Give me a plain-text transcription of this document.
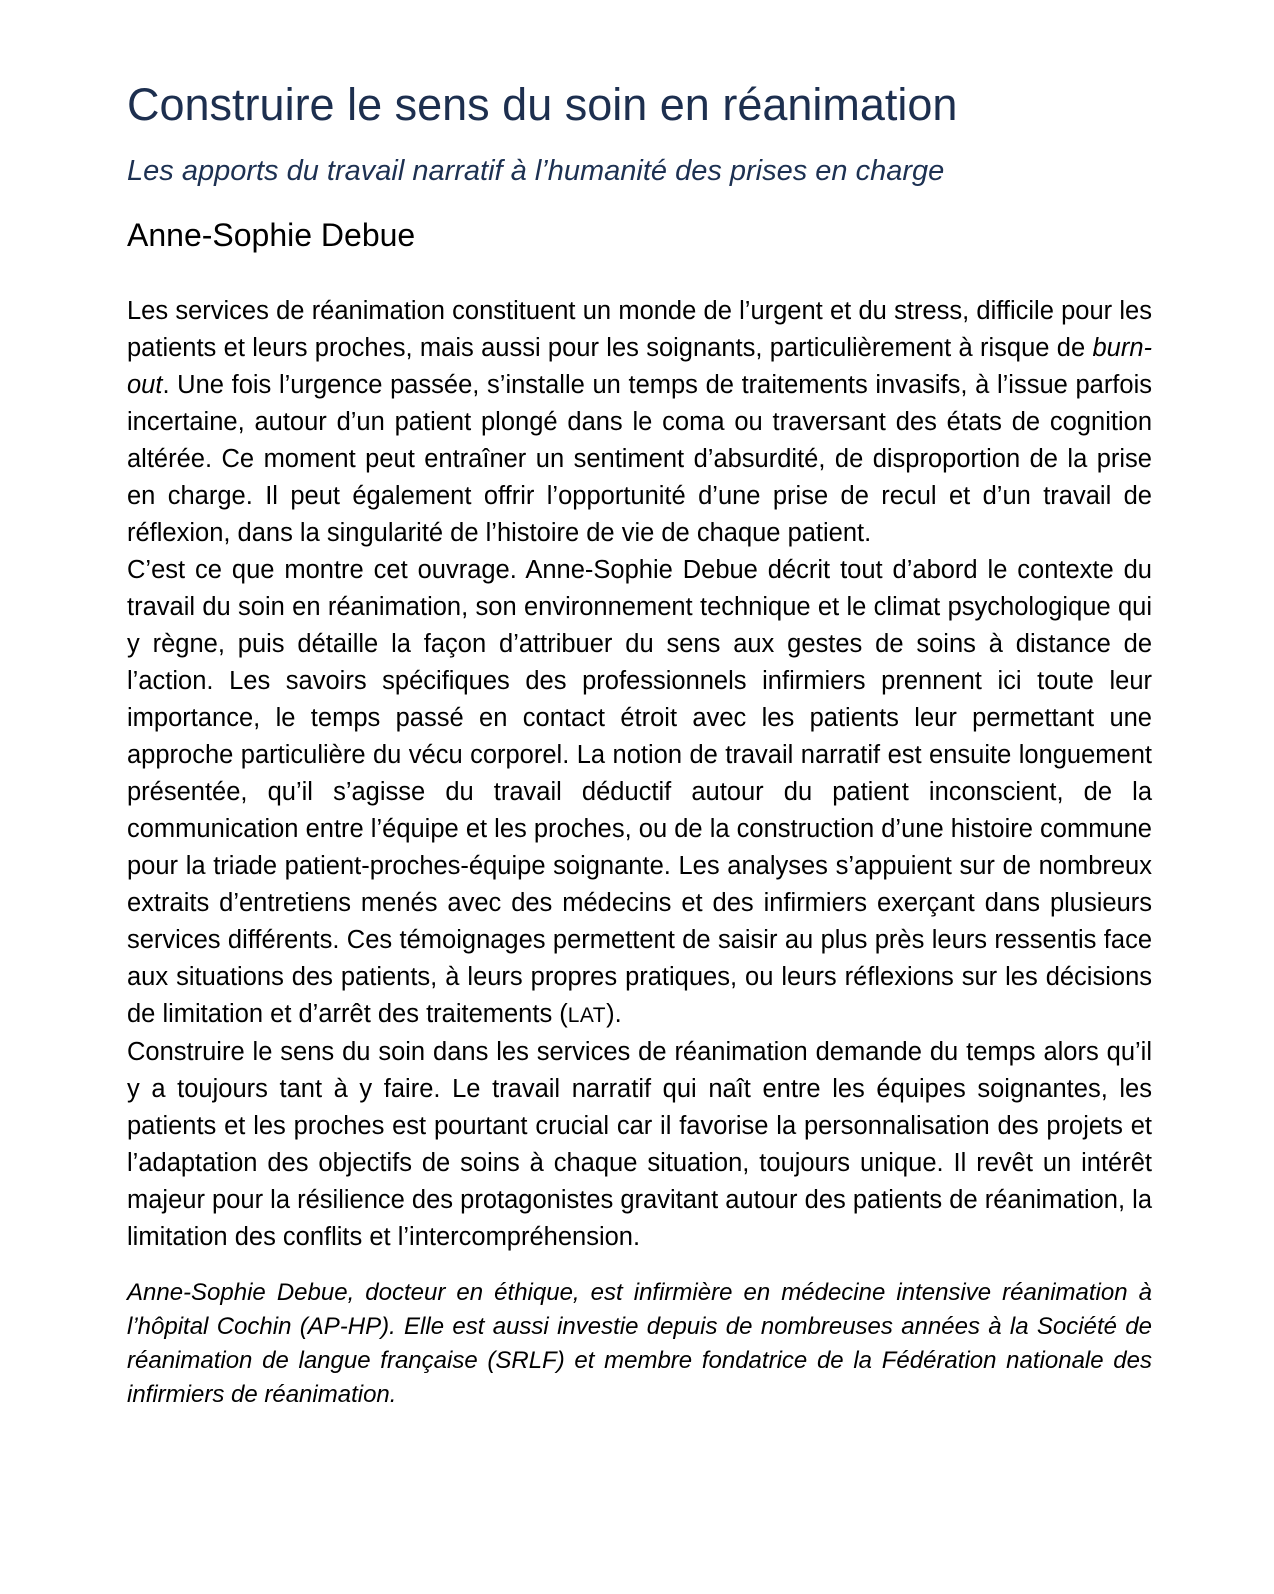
Construire le sens du soin en réanimation
Les apports du travail narratif à l’humanité des prises en charge
Anne-Sophie Debue

Les services de réanimation constituent un monde de l’urgent et du stress, difficile pour les patients et leurs proches, mais aussi pour les soignants, particulièrement à risque de burn-out. Une fois l’urgence passée, s’installe un temps de traitements invasifs, à l’issue parfois incertaine, autour d’un patient plongé dans le coma ou traversant des états de cognition altérée. Ce moment peut entraîner un sentiment d’absurdité, de disproportion de la prise en charge. Il peut également offrir l’opportunité d’une prise de recul et d’un travail de réflexion, dans la singularité de l’histoire de vie de chaque patient.

C’est ce que montre cet ouvrage. Anne-Sophie Debue décrit tout d’abord le contexte du travail du soin en réanimation, son environnement technique et le climat psychologique qui y règne, puis détaille la façon d’attribuer du sens aux gestes de soins à distance de l’action. Les savoirs spécifiques des professionnels infirmiers prennent ici toute leur importance, le temps passé en contact étroit avec les patients leur permettant une approche particulière du vécu corporel. La notion de travail narratif est ensuite longuement présentée, qu’il s’agisse du travail déductif autour du patient inconscient, de la communication entre l’équipe et les proches, ou de la construction d’une histoire commune pour la triade patient-proches-équipe soignante. Les analyses s’appuient sur de nombreux extraits d’entretiens menés avec des médecins et des infirmiers exerçant dans plusieurs services différents. Ces témoignages permettent de saisir au plus près leurs ressentis face aux situations des patients, à leurs propres pratiques, ou leurs réflexions sur les décisions de limitation et d’arrêt des traitements (LAT).

Construire le sens du soin dans les services de réanimation demande du temps alors qu’il y a toujours tant à y faire. Le travail narratif qui naît entre les équipes soignantes, les patients et les proches est pourtant crucial car il favorise la personnalisation des projets et l’adaptation des objectifs de soins à chaque situation, toujours unique. Il revêt un intérêt majeur pour la résilience des protagonistes gravitant autour des patients de réanimation, la limitation des conflits et l’intercompréhension.

Anne-Sophie Debue, docteur en éthique, est infirmière en médecine intensive réanimation à l’hôpital Cochin (AP-HP). Elle est aussi investie depuis de nombreuses années à la Société de réanimation de langue française (SRLF) et membre fondatrice de la Fédération nationale des infirmiers de réanimation.
